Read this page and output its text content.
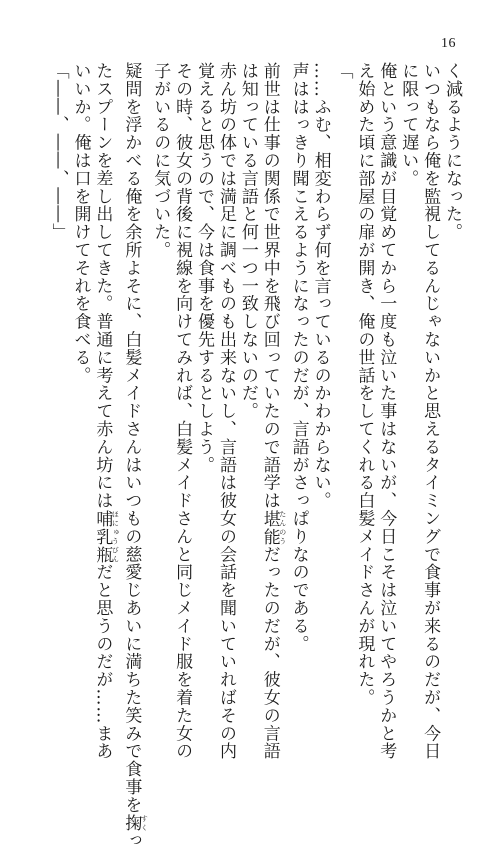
16
く減るようになった。
いつもなら俺を監視してるんじゃないかと思えるタイミングで食事が来るのだが、今日
に限って遅い。
俺という意識が目覚めてから一度も泣いた事はないが、今日こそは泣いてやろうかと考
え始めた頃に部屋の扉が開き、俺の世話をしてくれる白髪メイドさんが現れた。
「
……ふむ、相変わらず何を言っているのかわからない。
声ははっきり聞こえるようになったのだが、言語がさっぱりなのである。
前世は仕事の関係で世界中を飛び回っていたので語学は堪能 たんのうだったのだが、彼女の言語
は知っている言語と何一つ一致しないのだ。
赤ん坊の体では満足に調べものも出来ないし、言語は彼女の会話を聞いていればその内
覚えると思うので、今は食事を優先するとしよう。
その時、彼女の背後に視線を向けてみれば、白髪メイドさんと同じメイド服を着た女の
子がいるのに気づいた。
疑問を浮かべる俺を余所よそに、白髪メイドさんはいつもの慈愛じあいに満ちた笑みで食事を掬 すくっ
たスプーンを差し出してきた。普通に考えて赤ん坊には哺乳瓶 ほにゅうびんだと思うのだが……まあ
いいか。俺は口を開けてそれを食べる。
「――、――、――」
